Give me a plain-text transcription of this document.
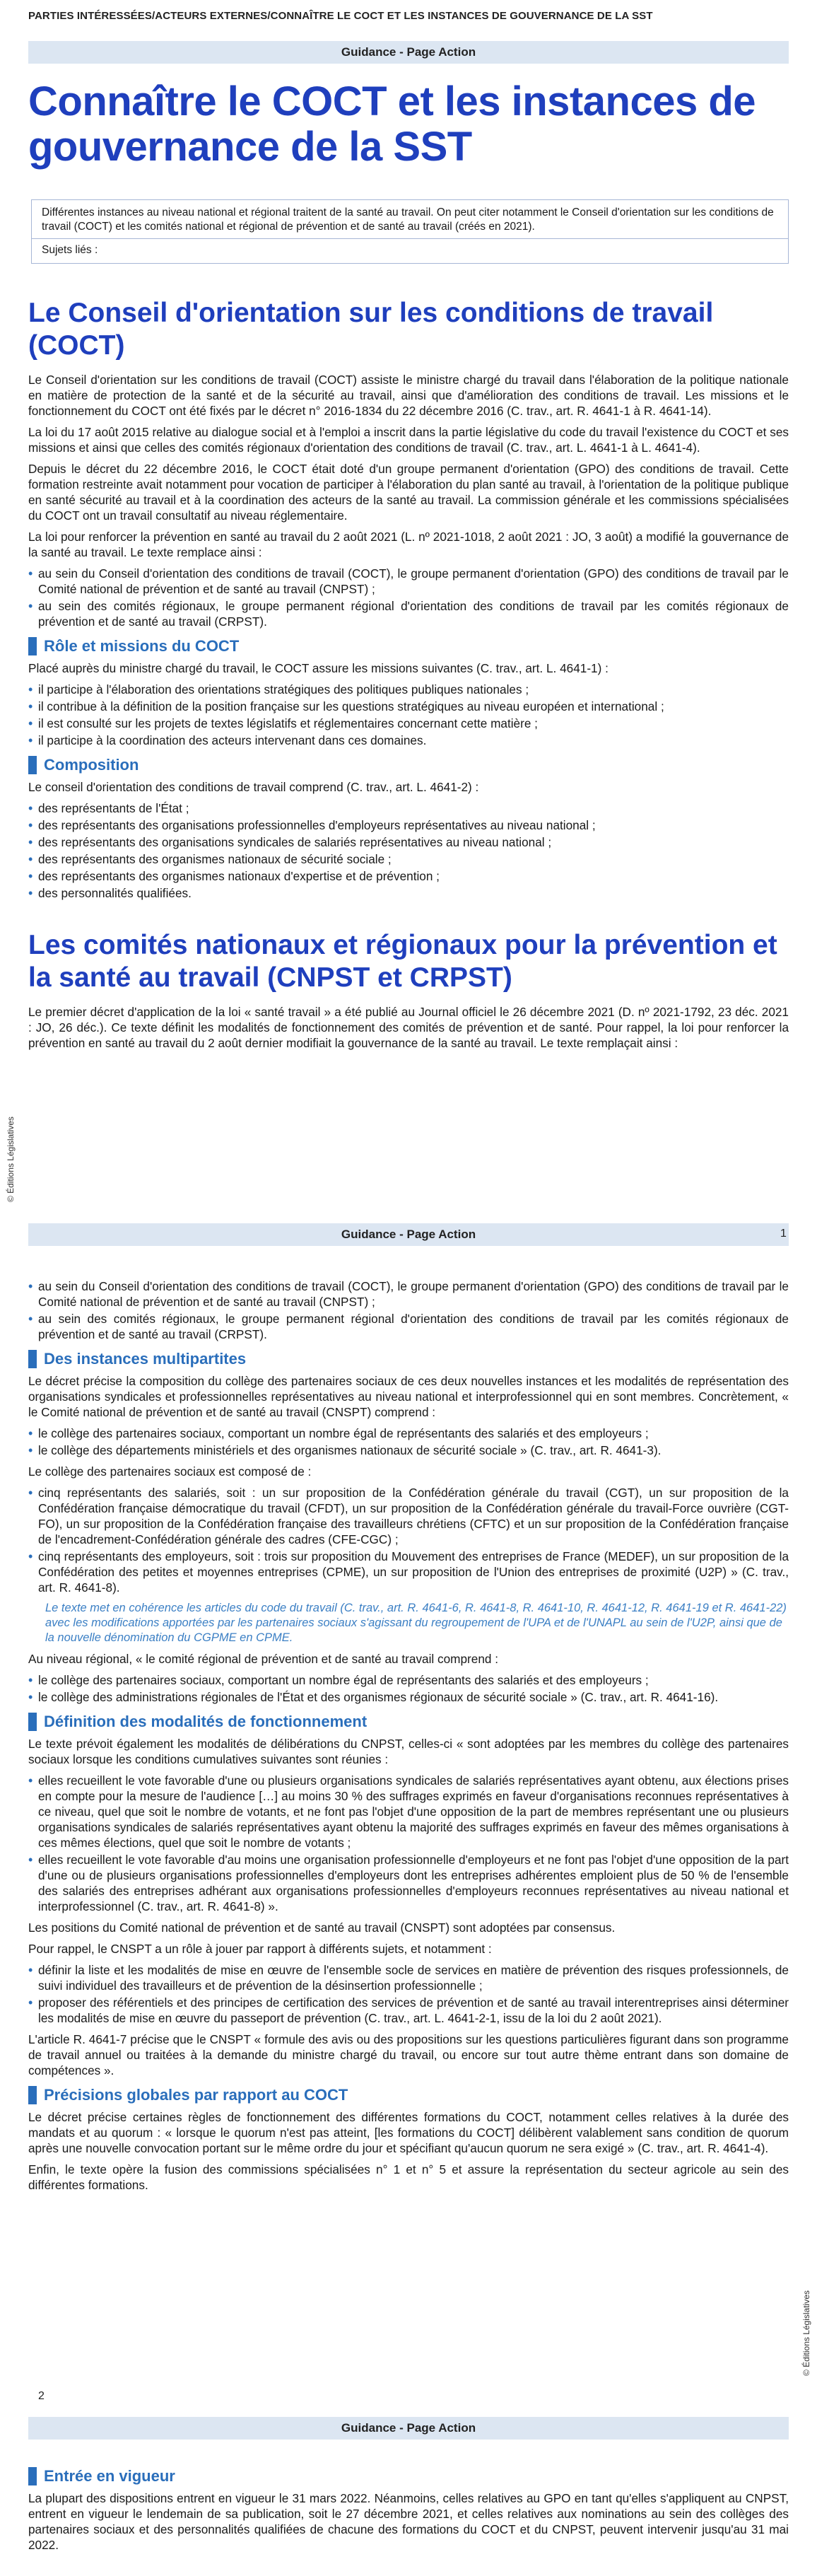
PARTIES INTÉRESSÉES/ACTEURS EXTERNES/CONNAÎTRE LE COCT ET LES INSTANCES DE GOUVERNANCE DE LA SST
Guidance - Page Action
Connaître le COCT et les instances de gouvernance de la SST
Différentes instances au niveau national et régional traitent de la santé au travail. On peut citer notamment le Conseil d'orientation sur les conditions de travail (COCT) et les comités national et régional de prévention et de santé au travail (créés en 2021).
Sujets liés :
Le Conseil d'orientation sur les conditions de travail (COCT)

Le Conseil d'orientation sur les conditions de travail (COCT) assiste le ministre chargé du travail dans l'élaboration de la politique nationale en matière de protection de la santé et de la sécurité au travail, ainsi que d'amélioration des conditions de travail. Les missions et le fonctionnement du COCT ont été fixés par le décret n° 2016-1834 du 22 décembre 2016 (C. trav., art. R. 4641-1 à R. 4641-14).

La loi du 17 août 2015 relative au dialogue social et à l'emploi a inscrit dans la partie législative du code du travail l'existence du COCT et ses missions et ainsi que celles des comités régionaux d'orientation des conditions de travail (C. trav., art. L. 4641-1 à L. 4641-4).

Depuis le décret du 22 décembre 2016, le COCT était doté d'un groupe permanent d'orientation (GPO) des conditions de travail. Cette formation restreinte avait notamment pour vocation de participer à l'élaboration du plan santé au travail, à l'orientation de la politique publique en santé sécurité au travail et à la coordination des acteurs de la santé au travail. La commission générale et les commissions spécialisées du COCT ont un travail consultatif au niveau réglementaire.

La loi pour renforcer la prévention en santé au travail du 2 août 2021 (L. nº 2021-1018, 2 août 2021 : JO, 3 août) a modifié la gouvernance de la santé au travail. Le texte remplace ainsi :

• au sein du Conseil d'orientation des conditions de travail (COCT), le groupe permanent d'orientation (GPO) des conditions de travail par le Comité national de prévention et de santé au travail (CNPST) ;
• au sein des comités régionaux, le groupe permanent régional d'orientation des conditions de travail par les comités régionaux de prévention et de santé au travail (CRPST).
Rôle et missions du COCT

Placé auprès du ministre chargé du travail, le COCT assure les missions suivantes (C. trav., art. L. 4641-1) :

• il participe à l'élaboration des orientations stratégiques des politiques publiques nationales ;
• il contribue à la définition de la position française sur les questions stratégiques au niveau européen et international ;
• il est consulté sur les projets de textes législatifs et réglementaires concernant cette matière ;
• il participe à la coordination des acteurs intervenant dans ces domaines.
Composition

Le conseil d'orientation des conditions de travail comprend (C. trav., art. L. 4641-2) :

• des représentants de l'État ;
• des représentants des organisations professionnelles d'employeurs représentatives au niveau national ;
• des représentants des organisations syndicales de salariés représentatives au niveau national ;
• des représentants des organismes nationaux de sécurité sociale ;
• des représentants des organismes nationaux d'expertise et de prévention ;
• des personnalités qualifiées.
Les comités nationaux et régionaux pour la prévention et la santé au travail (CNPST et CRPST)

Le premier décret d'application de la loi « santé travail » a été publié au Journal officiel le 26 décembre 2021 (D. nº 2021-1792, 23 déc. 2021 : JO, 26 déc.). Ce texte définit les modalités de fonctionnement des comités de prévention et de santé. Pour rappel, la loi pour renforcer la prévention en santé au travail du 2 août dernier modifiait la gouvernance de la santé au travail. Le texte remplaçait ainsi :

© Éditions Législatives
Guidance - Page Action	1
• au sein du Conseil d'orientation des conditions de travail (COCT), le groupe permanent d'orientation (GPO) des conditions de travail par le Comité national de prévention et de santé au travail (CNPST) ;
• au sein des comités régionaux, le groupe permanent régional d'orientation des conditions de travail par les comités régionaux de prévention et de santé au travail (CRPST).
Des instances multipartites

Le décret précise la composition du collège des partenaires sociaux de ces deux nouvelles instances et les modalités de représentation des organisations syndicales et professionnelles représentatives au niveau national et interprofessionnel qui en sont membres. Concrètement, « le Comité national de prévention et de santé au travail (CNSPT) comprend :

• le collège des partenaires sociaux, comportant un nombre égal de représentants des salariés et des employeurs ;
• le collège des départements ministériels et des organismes nationaux de sécurité sociale » (C. trav., art. R. 4641-3).

Le collège des partenaires sociaux est composé de :

• cinq représentants des salariés, soit : un sur proposition de la Confédération générale du travail (CGT), un sur proposition de la Confédération française démocratique du travail (CFDT), un sur proposition de la Confédération générale du travail-Force ouvrière (CGT-FO), un sur proposition de la Confédération française des travailleurs chrétiens (CFTC) et un sur proposition de la Confédération française de l'encadrement-Confédération générale des cadres (CFE-CGC) ;
• cinq représentants des employeurs, soit : trois sur proposition du Mouvement des entreprises de France (MEDEF), un sur proposition de la Confédération des petites et moyennes entreprises (CPME), un sur proposition de l'Union des entreprises de proximité (U2P) » (C. trav., art. R. 4641-8).
Le texte met en cohérence les articles du code du travail (C. trav., art. R. 4641-6, R. 4641-8, R. 4641-10, R. 4641-12, R. 4641-19 et R. 4641-22) avec les modifications apportées par les partenaires sociaux s'agissant du regroupement de l'UPA et de l'UNAPL au sein de l'U2P, ainsi que de la nouvelle dénomination du CGPME en CPME.

Au niveau régional, « le comité régional de prévention et de santé au travail comprend :

• le collège des partenaires sociaux, comportant un nombre égal de représentants des salariés et des employeurs ;
• le collège des administrations régionales de l'État et des organismes régionaux de sécurité sociale » (C. trav., art. R. 4641-16).
Définition des modalités de fonctionnement

Le texte prévoit également les modalités de délibérations du CNPST, celles-ci « sont adoptées par les membres du collège des partenaires sociaux lorsque les conditions cumulatives suivantes sont réunies :

• elles recueillent le vote favorable d'une ou plusieurs organisations syndicales de salariés représentatives ayant obtenu, aux élections prises en compte pour la mesure de l'audience […] au moins 30 % des suffrages exprimés en faveur d'organisations reconnues représentatives à ce niveau, quel que soit le nombre de votants, et ne font pas l'objet d'une opposition de la part de membres représentant une ou plusieurs organisations syndicales de salariés représentatives ayant obtenu la majorité des suffrages exprimés en faveur des mêmes organisations à ces mêmes élections, quel que soit le nombre de votants ;
• elles recueillent le vote favorable d'au moins une organisation professionnelle d'employeurs et ne font pas l'objet d'une opposition de la part d'une ou de plusieurs organisations professionnelles d'employeurs dont les entreprises adhérentes emploient plus de 50 % de l'ensemble des salariés des entreprises adhérant aux organisations professionnelles d'employeurs reconnues représentatives au niveau national et interprofessionnel (C. trav., art. R. 4641-8) ».

Les positions du Comité national de prévention et de santé au travail (CNSPT) sont adoptées par consensus.

Pour rappel, le CNSPT a un rôle à jouer par rapport à différents sujets, et notamment :

• définir la liste et les modalités de mise en œuvre de l'ensemble socle de services en matière de prévention des risques professionnels, de suivi individuel des travailleurs et de prévention de la désinsertion professionnelle ;
• proposer des référentiels et des principes de certification des services de prévention et de santé au travail interentreprises ainsi déterminer les modalités de mise en œuvre du passeport de prévention (C. trav., art. L. 4641-2-1, issu de la loi du 2 août 2021).

L'article R. 4641-7 précise que le CNSPT « formule des avis ou des propositions sur les questions particulières figurant dans son programme de travail annuel ou traitées à la demande du ministre chargé du travail, ou encore sur tout autre thème entrant dans son domaine de compétences ».

Précisions globales par rapport au COCT

Le décret précise certaines règles de fonctionnement des différentes formations du COCT, notamment celles relatives à la durée des mandats et au quorum : « lorsque le quorum n'est pas atteint, [les formations du COCT] délibèrent valablement sans condition de quorum après une nouvelle convocation portant sur le même ordre du jour et spécifiant qu'aucun quorum ne sera exigé » (C. trav., art. R. 4641-4).

Enfin, le texte opère la fusion des commissions spécialisées n° 1 et n° 5 et assure la représentation du secteur agricole au sein des différentes formations.

© Éditions Législatives
2
Guidance - Page Action
Entrée en vigueur

La plupart des dispositions entrent en vigueur le 31 mars 2022. Néanmoins, celles relatives au GPO en tant qu'elles s'appliquent au CNPST, entrent en vigueur le lendemain de sa publication, soit le 27 décembre 2021, et celles relatives aux nominations au sein des collèges des partenaires sociaux et des personnalités qualifiées de chacune des formations du COCT et du CNPST, peuvent intervenir jusqu'au 31 mai 2022.
